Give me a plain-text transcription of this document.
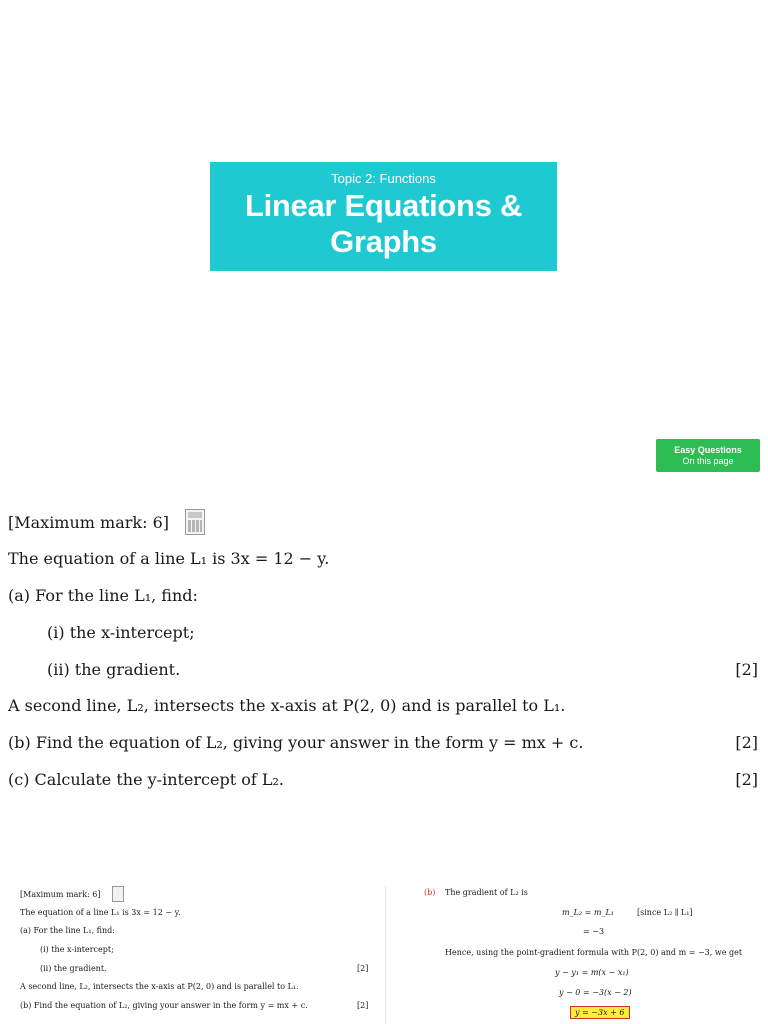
Topic 2: Functions
Linear Equations &
Graphs
Easy Questions
On this page
[Maximum mark: 6]
The equation of a line L₁ is 3x = 12 − y.
(a) For the line L₁, find:
(i) the x-intercept;
(ii) the gradient.	[2]
A second line, L₂, intersects the x-axis at P(2, 0) and is parallel to L₁.
(b) Find the equation of L₂, giving your answer in the form y = mx + c.	[2]
(c) Calculate the y-intercept of L₂.	[2]
[Maximum mark: 6]
The equation of a line L₁ is 3x = 12 − y.
(a) For the line L₁, find:
(i) the x-intercept;
(ii) the gradient.	[2]
A second line, L₂, intersects the x-axis at P(2, 0) and is parallel to L₁.
(b) Find the equation of L₂, giving your answer in the form y = mx + c.	[2]
(b) The gradient of L₂ is
m_L₂ = m_L₁	[since L₂ ∥ L₁]
= −3
Hence, using the point-gradient formula with P(2, 0) and m = −3, we get
y − y₁ = m(x − x₁)
y − 0 = −3(x − 2)
y = −3x + 6
